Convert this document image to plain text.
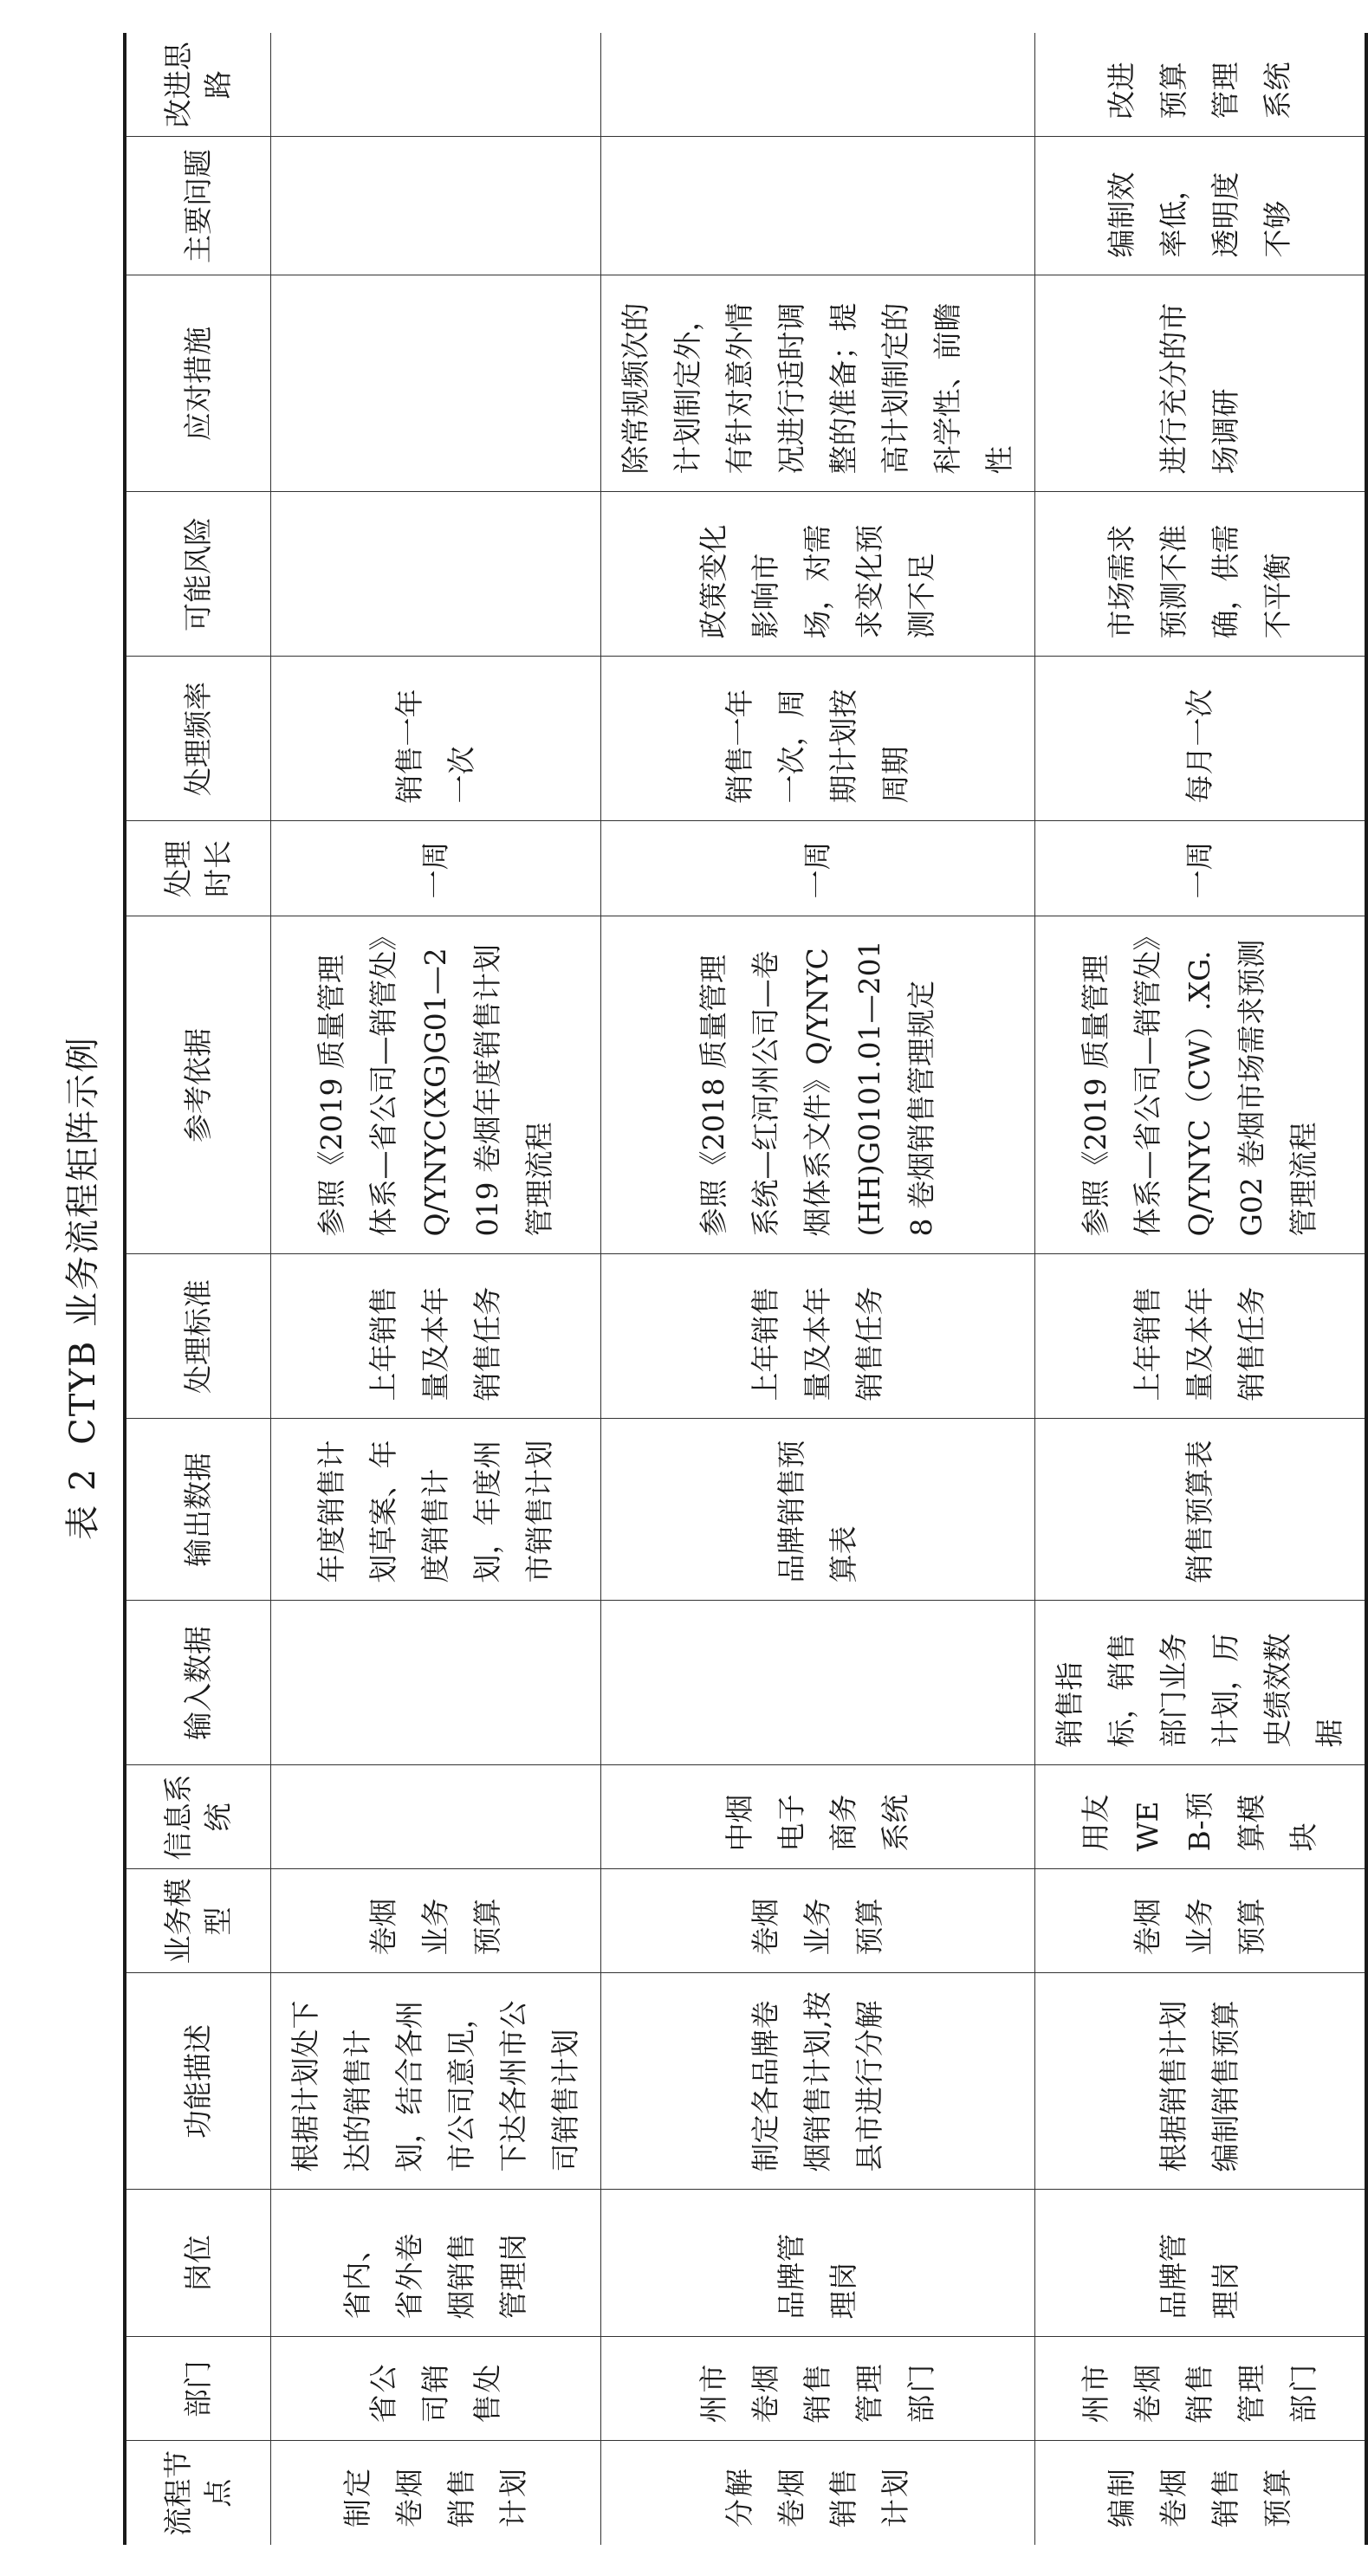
表 2CTYB 业务流程矩阵示例
流程节点	部门	岗位	功能描述	业务模型	信息系统	输入数据	输出数据	处理标准	参考依据	处理时长	处理频率	可能风险	应对措施	主要问题	改进思路
制定卷烟销售计划	省公司销售处	省内、省外卷烟销售管理岗	根据计划处下达的销售计划，结合各州市公司意见，下达各州市公司销售计划	卷烟业务预算			年度销售计划草案、年度销售计划，年度州市销售计划	上年销售量及本年销售任务	参照《2019 质量管理体系—省公司—销管处》Q/YNYC(XG)G01—2019 卷烟年度销售计划管理流程	一周	销售一年一次				
分解卷烟销售计划	州市卷烟销售管理部门	品牌管理岗	制定各品牌卷烟销售计划,按县市进行分解	卷烟业务预算	中烟电子商务系统		品牌销售预算表	上年销售量及本年销售任务	参照《2018 质量管理系统—红河州公司—卷烟体系文件》Q/YNYC(HH)G0101.01—2018 卷烟销售管理规定	一周	销售一年一次，周期计划按周期	政策变化影响市场，对需求变化预测不足	除常规频次的计划制定外，有针对意外情况进行适时调整的准备；提高计划制定的科学性、前瞻性		
编制卷烟销售预算	州市卷烟销售管理部门	品牌管理岗	根据销售计划编制销售预算	卷烟业务预算	用友WEB-预算模块	销售指标，销售部门业务计划，历史绩效数据	销售预算表	上年销售量及本年销售任务	参照《2019 质量管理体系—省公司—销管处》Q/YNYC（CW）.XG.G02 卷烟市场需求预测管理流程	一周	每月一次	市场需求预测不准确，供需不平衡	进行充分的市场调研	编制效率低，透明度不够	改进预算管理系统
